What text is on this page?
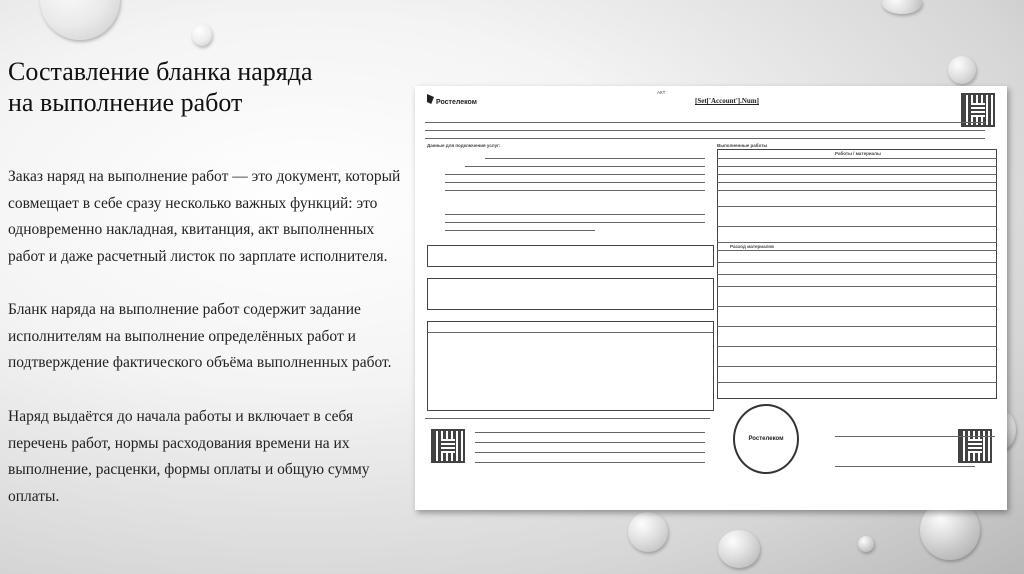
Составление бланка наряда на выполнение работ

Заказ наряд на выполнение работ — это документ, который совмещает в себе сразу несколько важных функций: это одновременно накладная, квитанция, акт выполненных работ и даже расчетный листок по зарплате исполнителя.

Бланк наряда на выполнение работ содержит задание исполнителям на выполнение определённых работ и подтверждение фактического объёма выполненных работ.

Наряд выдаётся до начала работы и включает в себя перечень работ, нормы расходования времени на их выполнение, расценки, формы оплаты и общую сумму оплаты.

Ростелеком
АКТ
[Set['Account'].Num]
Данные для подключения услуг:	Выполненные работы
Работы / материалы
Расход материалов
Ростелеком
